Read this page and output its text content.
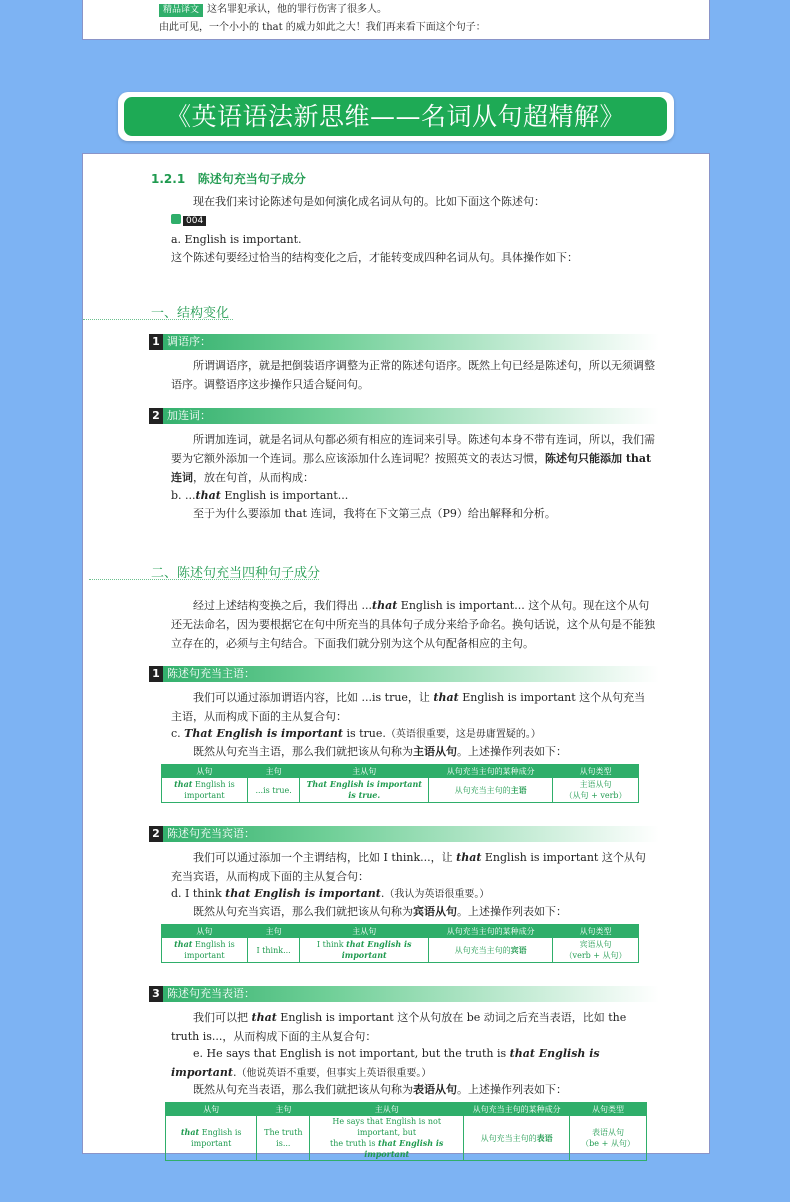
精品译文 这名罪犯承认，他的罪行伤害了很多人。
由此可见，一个小小的 that 的威力如此之大！我们再来看下面这个句子：
《英语语法新思维——名词从句超精解》
1.2.1 陈述句充当句子成分
现在我们来讨论陈述句是如何演化成名词从句的。比如下面这个陈述句：
004
a. English is important.
这个陈述句要经过恰当的结构变化之后，才能转变成四种名词从句。具体操作如下：
一、结构变化
1 调语序：
所谓调语序，就是把倒装语序调整为正常的陈述句语序。既然上句已经是陈述句，所以无须调整语序。调整语序这步操作只适合疑问句。
2 加连词：
所谓加连词，就是名词从句都必须有相应的连词来引导。陈述句本身不带有连词，所以，我们需要为它额外添加一个连词。那么应该添加什么连词呢？按照英文的表达习惯，陈述句只能添加 that 连词，放在句首，从而构成：
b. ...that English is important...
至于为什么要添加 that 连词，我将在下文第三点（P9）给出解释和分析。
二、陈述句充当四种句子成分
经过上述结构变换之后，我们得出 ...that English is important... 这个从句。现在这个从句还无法命名，因为要根据它在句中所充当的具体句子成分来给予命名。换句话说，这个从句是不能独立存在的，必须与主句结合。下面我们就分别为这个从句配备相应的主句。
1 陈述句充当主语：
我们可以通过添加谓语内容，比如 ...is true，让 that English is important 这个从句充当主语，从而构成下面的主从复合句：
c. That English is important is true.（英语很重要，这是毋庸置疑的。）
既然从句充当主语，那么我们就把该从句称为主语从句。上述操作列表如下：
从句	主句	主从句	从句充当主句的某种成分	从句类型
that English is important	...is true.	That English is important is true.	从句充当主句的主语	主语从句
（从句 + verb）
2 陈述句充当宾语：
我们可以通过添加一个主谓结构，比如 I think...，让 that English is important 这个从句充当宾语，从而构成下面的主从复合句：
d. I think that English is important.（我认为英语很重要。）
既然从句充当宾语，那么我们就把该从句称为宾语从句。上述操作列表如下：
从句	主句	主从句	从句充当主句的某种成分	从句类型
that English is important	I think...	I think that English is important	从句充当主句的宾语	宾语从句
（verb + 从句）
3 陈述句充当表语：
我们可以把 that English is important 这个从句放在 be 动词之后充当表语，比如 the truth is...，从而构成下面的主从复合句：
e. He says that English is not important, but the truth is that English is important.（他说英语不重要，但事实上英语很重要。）
既然从句充当表语，那么我们就把该从句称为表语从句。上述操作列表如下：
从句	主句	主从句	从句充当主句的某种成分	从句类型
that English is important	The truth is...	He says that English is not important, but
the truth is that English is important	从句充当主句的表语	表语从句
（be + 从句）
